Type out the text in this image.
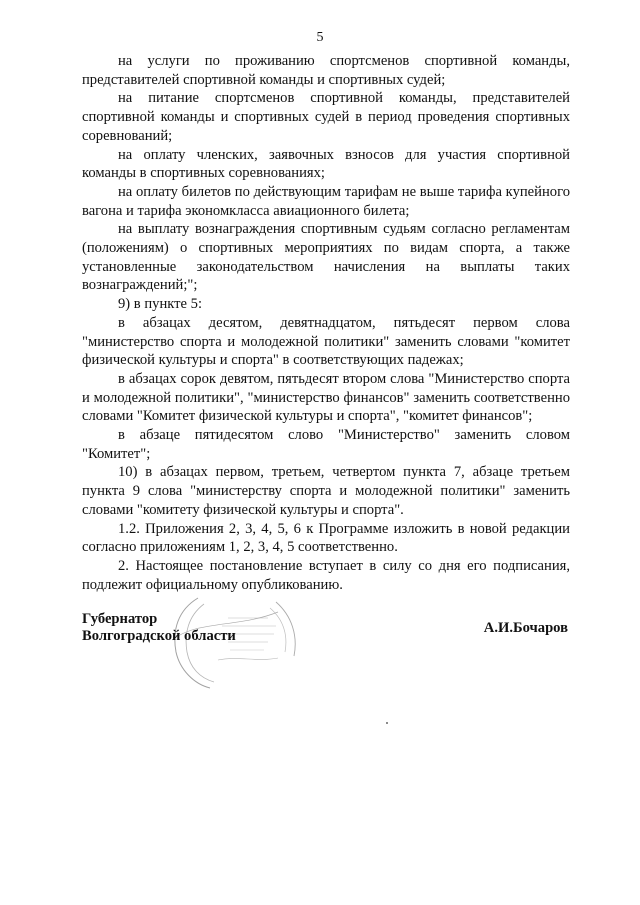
5

на услуги по проживанию спортсменов спортивной команды, представителей спортивной команды и спортивных судей;

на питание спортсменов спортивной команды, представителей спортивной команды и спортивных судей в период проведения спортивных соревнований;

на оплату членских, заявочных взносов для участия спортивной команды в спортивных соревнованиях;

на оплату билетов по действующим тарифам не выше тарифа купейного вагона и тарифа экономкласса авиационного билета;

на выплату вознаграждения спортивным судьям согласно регламентам (положениям) о спортивных мероприятиях по видам спорта, а также установленные законодательством начисления на выплаты таких вознаграждений;";

9) в пункте 5:

в абзацах десятом, девятнадцатом, пятьдесят первом слова "министерство спорта и молодежной политики" заменить словами "комитет физической культуры и спорта" в соответствующих падежах;

в абзацах сорок девятом, пятьдесят втором слова "Министерство спорта и молодежной политики", "министерство финансов" заменить соответственно словами "Комитет физической культуры и спорта", "комитет финансов";

в абзаце пятидесятом слово "Министерство" заменить словом "Комитет";

10) в абзацах первом, третьем, четвертом пункта 7, абзаце третьем пункта 9 слова "министерству спорта и молодежной политики" заменить словами "комитету физической культуры и спорта".

1.2. Приложения 2, 3, 4, 5, 6 к Программе изложить в новой редакции согласно приложениям 1, 2, 3, 4, 5 соответственно.

2. Настоящее постановление вступает в силу со дня его подписания, подлежит официальному опубликованию.

Губернатор
Волгоградской области	А.И.Бочаров
